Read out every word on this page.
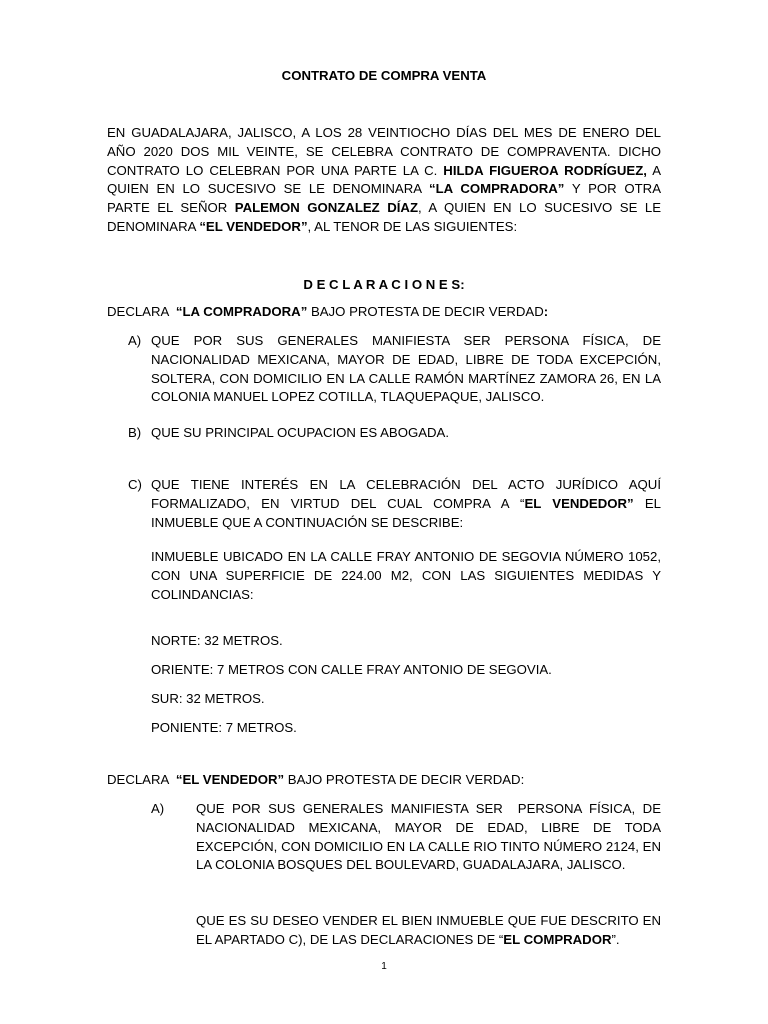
CONTRATO DE COMPRA VENTA

EN GUADALAJARA, JALISCO, A LOS 28 VEINTIOCHO DÍAS DEL MES DE ENERO DEL AÑO 2020 DOS MIL VEINTE, SE CELEBRA CONTRATO DE COMPRAVENTA. DICHO CONTRATO LO CELEBRAN POR UNA PARTE LA C. HILDA FIGUEROA RODRÍGUEZ, A QUIEN EN LO SUCESIVO SE LE DENOMINARA “LA COMPRADORA” Y POR OTRA PARTE EL SEÑOR PALEMON GONZALEZ DÍAZ, A QUIEN EN LO SUCESIVO SE LE DENOMINARA “EL VENDEDOR”, AL TENOR DE LAS SIGUIENTES:

D E C L A R A C I O N E S:

DECLARA  “LA COMPRADORA” BAJO PROTESTA DE DECIR VERDAD:

A) QUE POR SUS GENERALES MANIFIESTA SER PERSONA FÍSICA, DE NACIONALIDAD MEXICANA, MAYOR DE EDAD, LIBRE DE TODA EXCEPCIÓN, SOLTERA, CON DOMICILIO EN LA CALLE RAMÓN MARTÍNEZ ZAMORA 26, EN LA COLONIA MANUEL LOPEZ COTILLA, TLAQUEPAQUE, JALISCO.
B) QUE SU PRINCIPAL OCUPACION ES ABOGADA.
C) QUE TIENE INTERÉS EN LA CELEBRACIÓN DEL ACTO JURÍDICO AQUÍ FORMALIZADO, EN VIRTUD DEL CUAL COMPRA A “EL VENDEDOR” EL INMUEBLE QUE A CONTINUACIÓN SE DESCRIBE:

INMUEBLE UBICADO EN LA CALLE FRAY ANTONIO DE SEGOVIA NÚMERO 1052, CON UNA SUPERFICIE DE 224.00 M2, CON LAS SIGUIENTES MEDIDAS Y COLINDANCIAS:

NORTE: 32 METROS.

ORIENTE: 7 METROS CON CALLE FRAY ANTONIO DE SEGOVIA.

SUR: 32 METROS.

PONIENTE: 7 METROS.

DECLARA  “EL VENDEDOR” BAJO PROTESTA DE DECIR VERDAD:

A) QUE POR SUS GENERALES MANIFIESTA SER  PERSONA FÍSICA, DE NACIONALIDAD MEXICANA, MAYOR DE EDAD, LIBRE DE TODA EXCEPCIÓN, CON DOMICILIO EN LA CALLE RIO TINTO NÚMERO 2124, EN LA COLONIA BOSQUES DEL BOULEVARD, GUADALAJARA, JALISCO.

QUE ES SU DESEO VENDER EL BIEN INMUEBLE QUE FUE DESCRITO EN EL APARTADO C), DE LAS DECLARACIONES DE “EL COMPRADOR”.

1
